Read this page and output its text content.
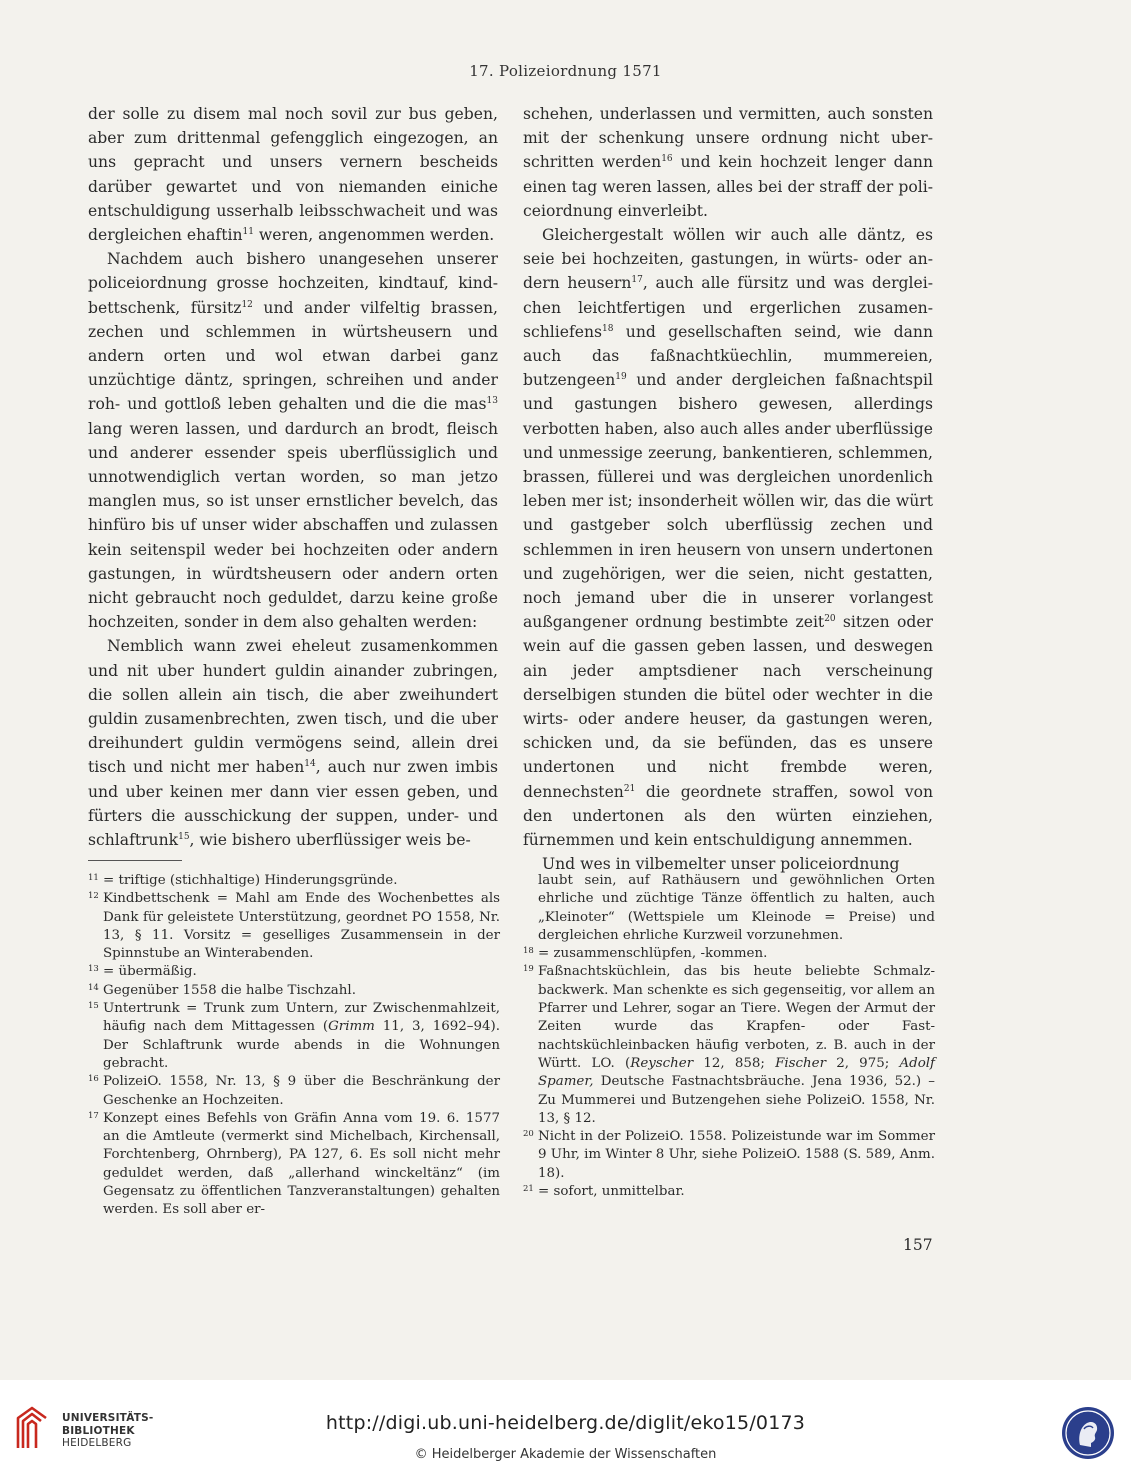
17. Polizeiordnung 1571

der solle zu disem mal noch sovil zur bus geben, aber zum drittenmal gefengglich eingezogen, an uns gepracht und unsers vernern bescheids darüber gewartet und von niemanden einiche entschuldigung usserhalb leibsschwacheit und was dergleichen ehaftin$^{11}$ weren, angenommen werden.

Nachdem auch bishero unangesehen unserer policeiordnung grosse hochzeiten, kindtauf, kindbettschenk, fürsitz$^{12}$ und ander vilfeltig brassen, zechen und schlemmen in würtsheusern und andern orten und wol etwan darbei ganz unzüchtige däntz, springen, schreihen und ander roh- und gottloß leben gehalten und die die mas$^{13}$ lang weren lassen, und dardurch an brodt, fleisch und anderer essender speis uberflüssiglich und unnotwendiglich vertan worden, so man jetzo manglen mus, so ist unser ernstlicher bevelch, das hinfüro bis uf unser wider abschaffen und zulassen kein seitenspil weder bei hochzeiten oder andern gastungen, in würdtsheusern oder andern orten nicht gebraucht noch geduldet, darzu keine große hochzeiten, sonder in dem also gehalten werden:

Nemblich wann zwei eheleut zusamenkommen und nit uber hundert guldin ainander zubringen, die sollen allein ain tisch, die aber zweihundert guldin zusamenbrechten, zwen tisch, und die uber dreihundert guldin vermögens seind, allein drei tisch und nicht mer haben$^{14}$, auch nur zwen imbis und uber keinen mer dann vier essen geben, und fürters die ausschickung der suppen, under- und schlaftrunk$^{15}$, wie bishero uberflüssiger weis be-

schehen, underlassen und vermitten, auch sonsten mit der schenkung unsere ordnung nicht uberschritten werden$^{16}$ und kein hochzeit lenger dann einen tag weren lassen, alles bei der straff der policeiordnung einverleibt.

Gleichergestalt wöllen wir auch alle däntz, es seie bei hochzeiten, gastungen, in würts- oder andern heusern$^{17}$, auch alle fürsitz und was dergleichen leichtfertigen und ergerlichen zusamenschliefens$^{18}$ und gesellschaften seind, wie dann auch das faßnachtküechlin, mummereien, butzengeen$^{19}$ und ander dergleichen faßnachtspil und gastungen bishero gewesen, allerdings verbotten haben, also auch alles ander uberflüssige und unmessige zeerung, bankentieren, schlemmen, brassen, füllerei und was dergleichen unordenlich leben mer ist; insonderheit wöllen wir, das die würt und gastgeber solch uberflüssig zechen und schlemmen in iren heusern von unsern undertonen und zugehörigen, wer die seien, nicht gestatten, noch jemand uber die in unserer vorlangest außgangener ordnung bestimbte zeit$^{20}$ sitzen oder wein auf die gassen geben lassen, und deswegen ain jeder amptsdiener nach verscheinung derselbigen stunden die bütel oder wechter in die wirts- oder andere heuser, da gastungen weren, schicken und, da sie befünden, das es unsere undertonen und nicht frembde weren, dennechsten$^{21}$ die geordnete straffen, sowol von den undertonen als den würten einziehen, fürnemmen und kein entschuldigung annemmen.

Und wes in vilbemelter unser policeiordnung

11 = triftige (stichhaltige) Hinderungsgründe.

12 Kindbettschenk = Mahl am Ende des Wochenbettes als Dank für geleistete Unterstützung, geordnet PO 1558, Nr. 13, § 11. Vorsitz = geselliges Zusammensein in der Spinnstube an Winterabenden.

13 = übermäßig.

14 Gegenüber 1558 die halbe Tischzahl.

15 Untertrunk = Trunk zum Untern, zur Zwischenmahlzeit, häufig nach dem Mittagessen (Grimm 11, 3, 1692–94). Der Schlaftrunk wurde abends in die Wohnungen gebracht.

16 PolizeiO. 1558, Nr. 13, § 9 über die Beschränkung der Geschenke an Hochzeiten.

17 Konzept eines Befehls von Gräfin Anna vom 19. 6. 1577 an die Amtleute (vermerkt sind Michelbach, Kirchensall, Forchtenberg, Ohrnberg), PA 127, 6. Es soll nicht mehr geduldet werden, daß „allerhand winckeltänz“ (im Gegensatz zu öffentlichen Tanzveranstaltungen) gehalten werden. Es soll aber er-

laubt sein, auf Rathäusern und gewöhnlichen Orten ehrliche und züchtige Tänze öffentlich zu halten, auch „Kleinoter“ (Wettspiele um Kleinode = Preise) und dergleichen ehrliche Kurzweil vorzunehmen.

18 = zusammenschlüpfen, -kommen.

19 Faßnachtsküchlein, das bis heute beliebte Schmalzbackwerk. Man schenkte es sich gegenseitig, vor allem an Pfarrer und Lehrer, sogar an Tiere. Wegen der Armut der Zeiten wurde das Krapfen- oder Fastnachtsküchleinbacken häufig verboten, z. B. auch in der Württ. LO. (Reyscher 12, 858; Fischer 2, 975; Adolf Spamer, Deutsche Fastnachtsbräuche. Jena 1936, 52.) – Zu Mummerei und Butzengehen siehe PolizeiO. 1558, Nr. 13, § 12.

20 Nicht in der PolizeiO. 1558. Polizeistunde war im Sommer 9 Uhr, im Winter 8 Uhr, siehe PolizeiO. 1588 (S. 589, Anm. 18).

21 = sofort, unmittelbar.

157
UNIVERSITÄTS-
BIBLIOTHEK
HEIDELBERG
http://digi.ub.uni-heidelberg.de/diglit/eko15/0173
© Heidelberger Akademie der Wissenschaften
